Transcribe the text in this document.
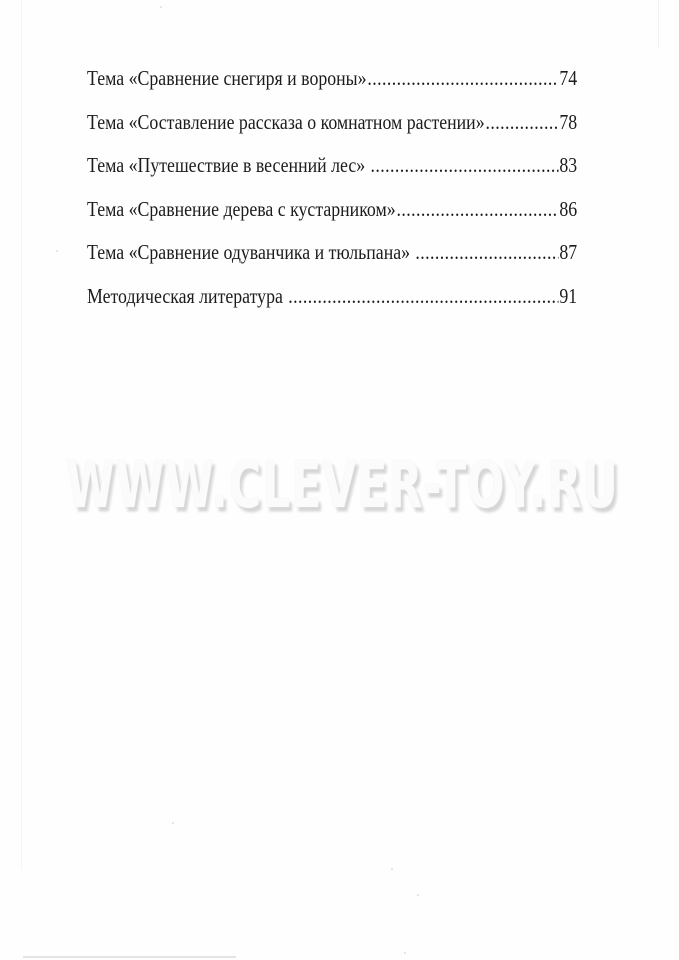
Тема «Сравнение снегиря и вороны» .....	74
Тема «Составление рассказа о комнатном растении» .....	78
Тема «Путешествие в весенний лес» .....	83
Тема «Сравнение дерева с кустарником» .....	86
Тема «Сравнение одуванчика и тюльпана» .....	87
Методическая литература .....	91
WWW.CLEVER-TOY.RU
